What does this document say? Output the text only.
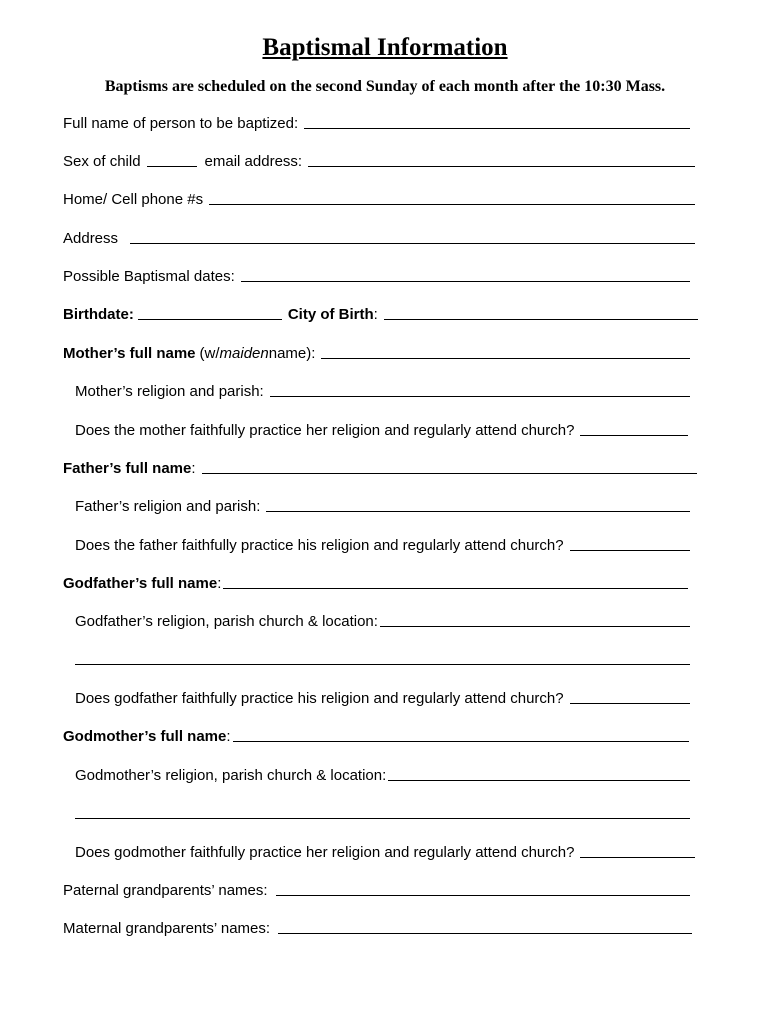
Baptismal Information
Baptisms are scheduled on the second Sunday of each month after the 10:30 Mass.
Full name of person to be baptized:
Sex of child	email address:
Home/ Cell phone #s
Address
Possible Baptismal dates:
Birthdate:	City of Birth :
Mother’s full name (w/ maiden name):
Mother’s religion and parish:
Does the mother faithfully practice her religion and regularly attend church?
Father’s full name :
Father’s religion and parish:
Does the father faithfully practice his religion and regularly attend church?
Godfather’s full name :
Godfather’s religion, parish church & location:
Does godfather faithfully practice his religion and regularly attend church?
Godmother’s full name :
Godmother’s religion, parish church & location:
Does godmother faithfully practice her religion and regularly attend church?
Paternal grandparents’ names:
Maternal grandparents’ names:
